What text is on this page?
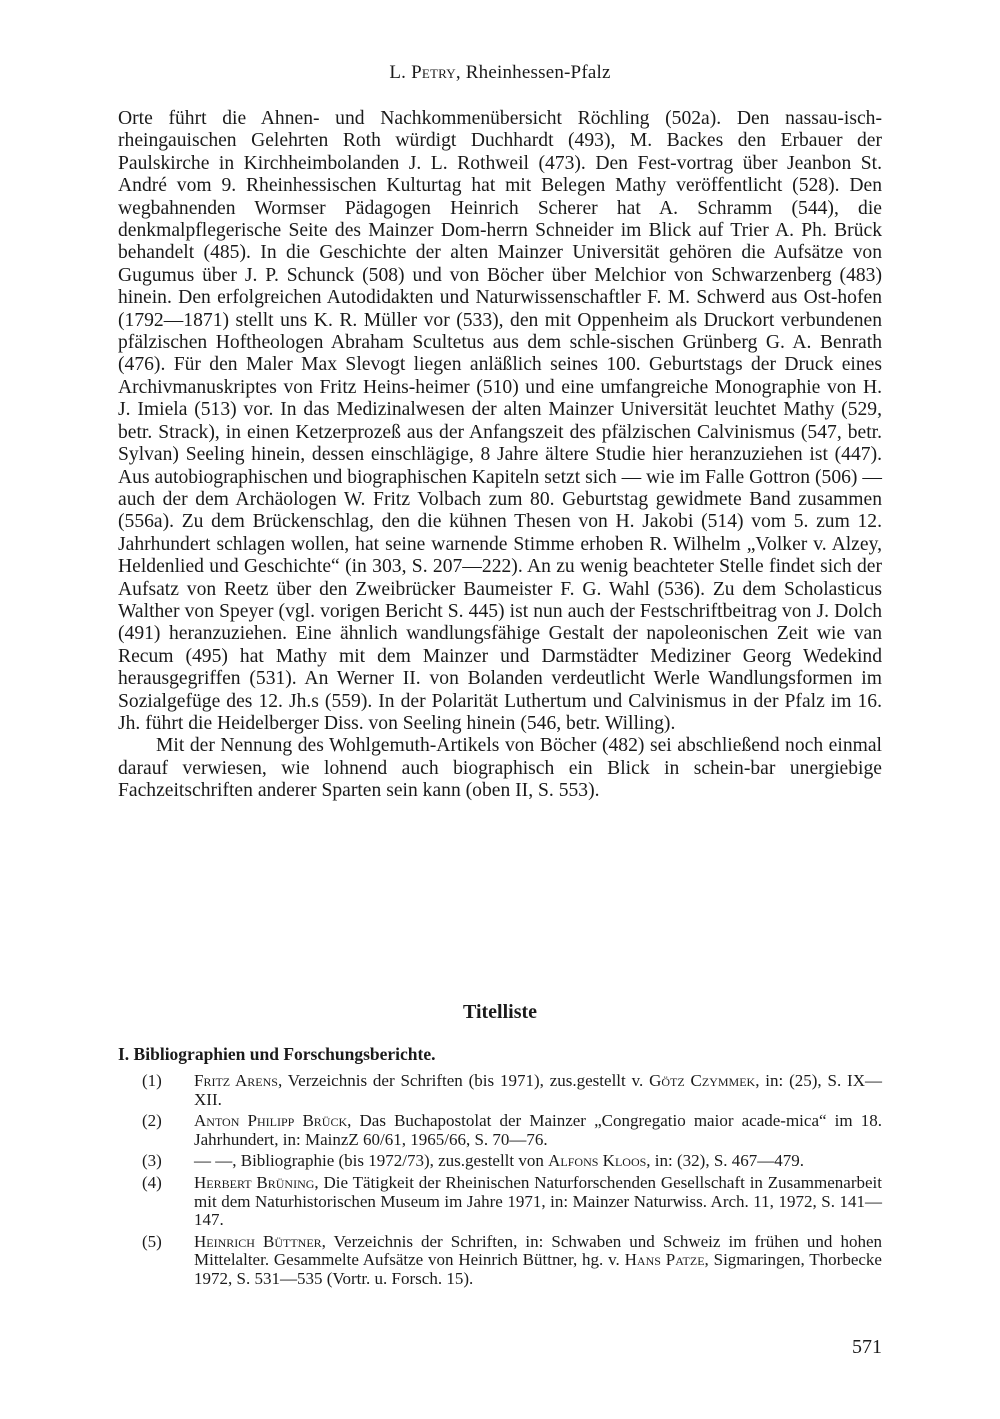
L. Petry, Rheinhessen-Pfalz

Orte führt die Ahnen- und Nachkommenübersicht Röchling (502a). Den nassau-isch-rheingauischen Gelehrten Roth würdigt Duchhardt (493), M. Backes den Erbauer der Paulskirche in Kirchheimbolanden J. L. Rothweil (473). Den Fest-vortrag über Jeanbon St. André vom 9. Rheinhessischen Kulturtag hat mit Belegen Mathy veröffentlicht (528). Den wegbahnenden Wormser Pädagogen Heinrich Scherer hat A. Schramm (544), die denkmalpflegerische Seite des Mainzer Dom-herrn Schneider im Blick auf Trier A. Ph. Brück behandelt (485). In die Geschichte der alten Mainzer Universität gehören die Aufsätze von Gugumus über J. P. Schunck (508) und von Böcher über Melchior von Schwarzenberg (483) hinein. Den erfolgreichen Autodidakten und Naturwissenschaftler F. M. Schwerd aus Ost-hofen (1792—1871) stellt uns K. R. Müller vor (533), den mit Oppenheim als Druckort verbundenen pfälzischen Hoftheologen Abraham Scultetus aus dem schle-sischen Grünberg G. A. Benrath (476). Für den Maler Max Slevogt liegen anläßlich seines 100. Geburtstags der Druck eines Archivmanuskriptes von Fritz Heins-heimer (510) und eine umfangreiche Monographie von H. J. Imiela (513) vor. In das Medizinalwesen der alten Mainzer Universität leuchtet Mathy (529, betr. Strack), in einen Ketzerprozeß aus der Anfangszeit des pfälzischen Calvinismus (547, betr. Sylvan) Seeling hinein, dessen einschlägige, 8 Jahre ältere Studie hier heranzuziehen ist (447). Aus autobiographischen und biographischen Kapiteln setzt sich — wie im Falle Gottron (506) — auch der dem Archäologen W. Fritz Volbach zum 80. Geburtstag gewidmete Band zusammen (556a). Zu dem Brückenschlag, den die kühnen Thesen von H. Jakobi (514) vom 5. zum 12. Jahrhundert schlagen wollen, hat seine warnende Stimme erhoben R. Wilhelm „Volker v. Alzey, Heldenlied und Geschichte“ (in 303, S. 207—222). An zu wenig beachteter Stelle findet sich der Aufsatz von Reetz über den Zweibrücker Baumeister F. G. Wahl (536). Zu dem Scholasticus Walther von Speyer (vgl. vorigen Bericht S. 445) ist nun auch der Festschriftbeitrag von J. Dolch (491) heranzuziehen. Eine ähnlich wandlungsfähige Gestalt der napoleonischen Zeit wie van Recum (495) hat Mathy mit dem Mainzer und Darmstädter Mediziner Georg Wedekind herausgegriffen (531). An Werner II. von Bolanden verdeutlicht Werle Wandlungsformen im Sozialgefüge des 12. Jh.s (559). In der Polarität Luthertum und Calvinismus in der Pfalz im 16. Jh. führt die Heidelberger Diss. von Seeling hinein (546, betr. Willing).

Mit der Nennung des Wohlgemuth-Artikels von Böcher (482) sei abschließend noch einmal darauf verwiesen, wie lohnend auch biographisch ein Blick in schein-bar unergiebige Fachzeitschriften anderer Sparten sein kann (oben II, S. 553).

Titelliste
I. Bibliographien und Forschungsberichte.
(1) Fritz Arens, Verzeichnis der Schriften (bis 1971), zus.gestellt v. Götz Czymmek, in: (25), S. IX—XII.
(2) Anton Philipp Brück, Das Buchapostolat der Mainzer „Congregatio maior acade-mica“ im 18. Jahrhundert, in: MainzZ 60/61, 1965/66, S. 70—76.
(3) — —, Bibliographie (bis 1972/73), zus.gestellt von Alfons Kloos, in: (32), S. 467—479.
(4) Herbert Brüning, Die Tätigkeit der Rheinischen Naturforschenden Gesellschaft in Zusammenarbeit mit dem Naturhistorischen Museum im Jahre 1971, in: Mainzer Naturwiss. Arch. 11, 1972, S. 141—147.
(5) Heinrich Büttner, Verzeichnis der Schriften, in: Schwaben und Schweiz im frühen und hohen Mittelalter. Gesammelte Aufsätze von Heinrich Büttner, hg. v. Hans Patze, Sigmaringen, Thorbecke 1972, S. 531—535 (Vortr. u. Forsch. 15).
571
